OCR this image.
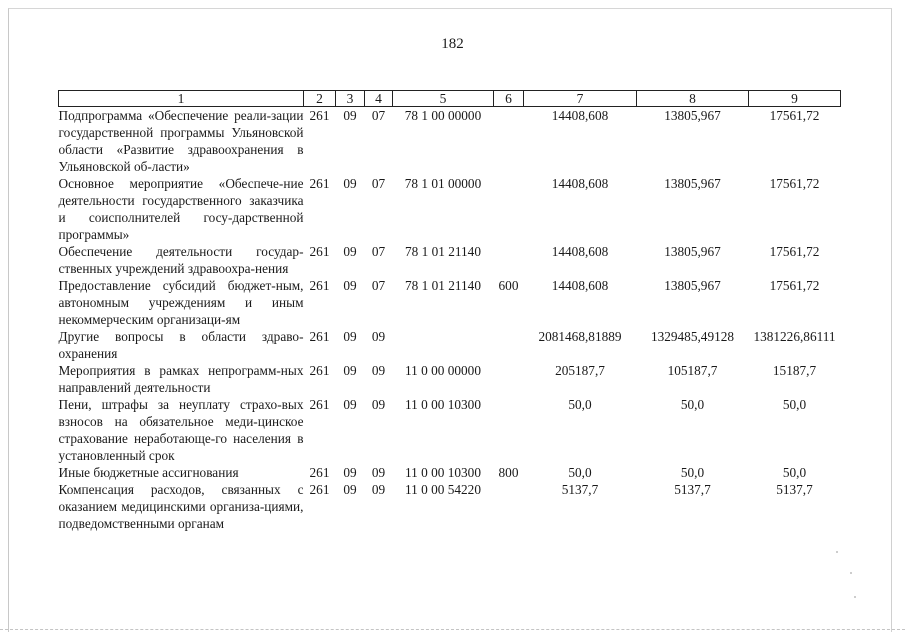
182
1	2	3	4	5	6	7	8	9
Подпрограмма «Обеспечение реали-зации государственной программы Ульяновской области «Развитие здравоохранения в Ульяновской об-ласти»	261	09	07	78 1 00 00000		14408,608	13805,967	17561,72
Основное мероприятие «Обеспече-ние деятельности государственного заказчика и соисполнителей госу-дарственной программы»	261	09	07	78 1 01 00000		14408,608	13805,967	17561,72
Обеспечение деятельности государ-ственных учреждений здравоохра-нения	261	09	07	78 1 01 21140		14408,608	13805,967	17561,72
Предоставление субсидий бюджет-ным, автономным учреждениям и иным некоммерческим организаци-ям	261	09	07	78 1 01 21140	600	14408,608	13805,967	17561,72
Другие вопросы в области здраво-охранения	261	09	09			2081468,81889	1329485,49128	1381226,86111
Мероприятия в рамках непрограмм-ных направлений деятельности	261	09	09	11 0 00 00000		205187,7	105187,7	15187,7
Пени, штрафы за неуплату страхо-вых взносов на обязательное меди-цинское страхование неработающе-го населения в установленный срок	261	09	09	11 0 00 10300		50,0	50,0	50,0
Иные бюджетные ассигнования	261	09	09	11 0 00 10300	800	50,0	50,0	50,0
Компенсация расходов, связанных с оказанием медицинскими организа-циями, подведомственными органам	261	09	09	11 0 00 54220		5137,7	5137,7	5137,7
